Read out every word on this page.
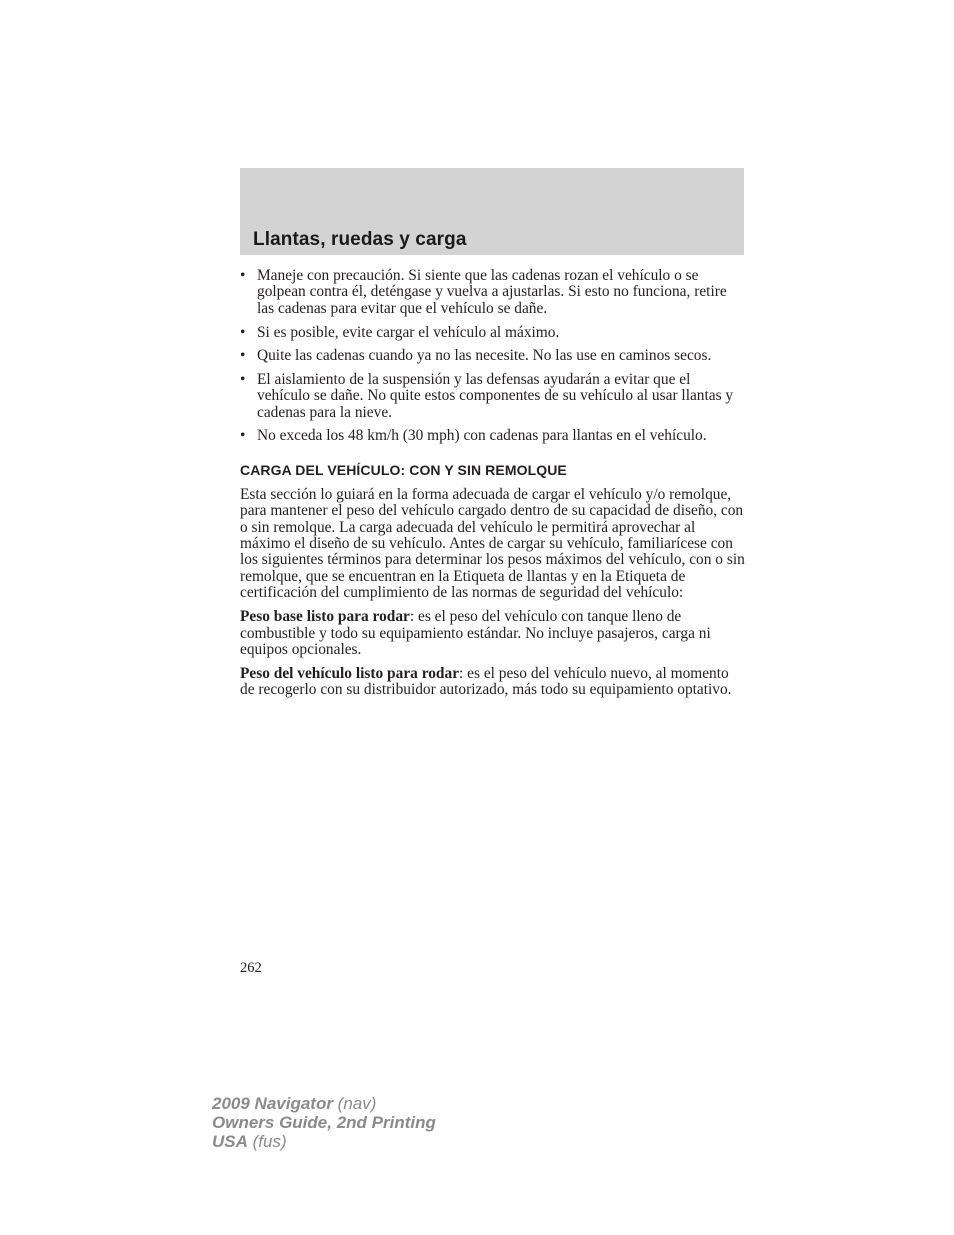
Llantas, ruedas y carga
• Maneje con precaución. Si siente que las cadenas rozan el vehículo o se golpean contra él, deténgase y vuelva a ajustarlas. Si esto no funciona, retire las cadenas para evitar que el vehículo se dañe.
• Si es posible, evite cargar el vehículo al máximo.
• Quite las cadenas cuando ya no las necesite. No las use en caminos secos.
• El aislamiento de la suspensión y las defensas ayudarán a evitar que el vehículo se dañe. No quite estos componentes de su vehículo al usar llantas y cadenas para la nieve.
• No exceda los 48 km/h (30 mph) con cadenas para llantas en el vehículo.
CARGA DEL VEHÍCULO: CON Y SIN REMOLQUE

Esta sección lo guiará en la forma adecuada de cargar el vehículo y/o remolque, para mantener el peso del vehículo cargado dentro de su capacidad de diseño, con o sin remolque. La carga adecuada del vehículo le permitirá aprovechar al máximo el diseño de su vehículo. Antes de cargar su vehículo, familiarícese con los siguientes términos para determinar los pesos máximos del vehículo, con o sin remolque, que se encuentran en la Etiqueta de llantas y en la Etiqueta de certificación del cumplimiento de las normas de seguridad del vehículo:

Peso base listo para rodar: es el peso del vehículo con tanque lleno de combustible y todo su equipamiento estándar. No incluye pasajeros, carga ni equipos opcionales.

Peso del vehículo listo para rodar: es el peso del vehículo nuevo, al momento de recogerlo con su distribuidor autorizado, más todo su equipamiento optativo.

262
2009 Navigator (nav)
Owners Guide, 2nd Printing
USA (fus)
